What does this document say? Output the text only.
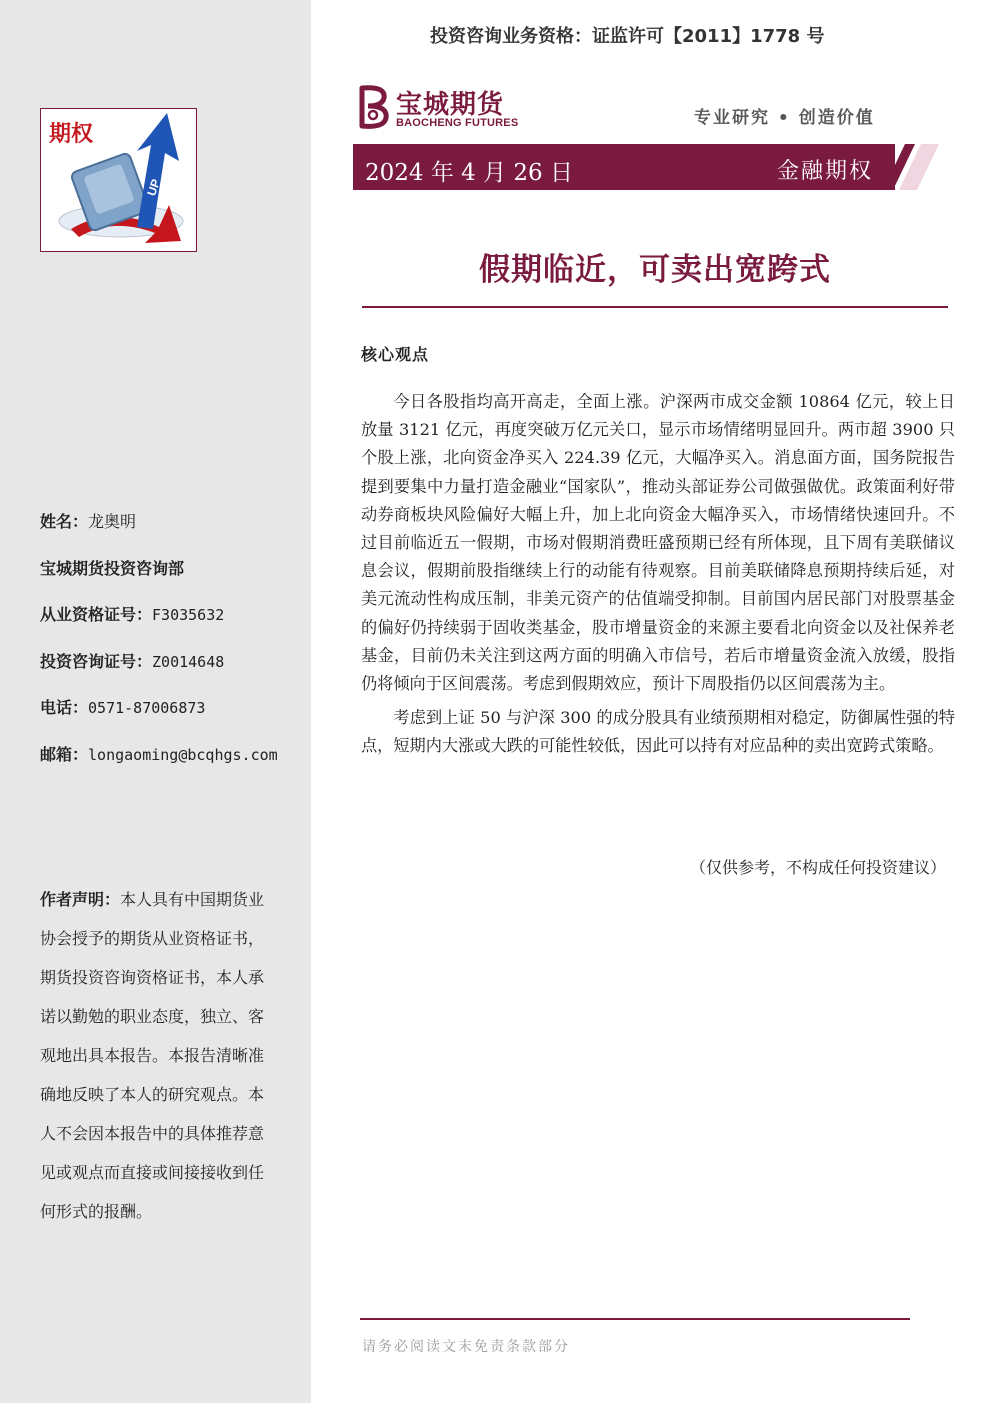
投资咨询业务资格：证监许可【2011】1778 号
UP
期权
宝城期货
BAOCHENG FUTURES	专业研究 • 创造价值
2024 年 4 月 26 日	金融期权
假期临近，可卖出宽跨式
核心观点

今日各股指均高开高走，全面上涨。沪深两市成交金额 10864 亿元，较上日放量 3121 亿元，再度突破万亿元关口，显示市场情绪明显回升。两市超 3900 只个股上涨，北向资金净买入 224.39 亿元，大幅净买入。消息面方面，国务院报告提到要集中力量打造金融业“国家队”，推动头部证券公司做强做优。政策面利好带动券商板块风险偏好大幅上升，加上北向资金大幅净买入，市场情绪快速回升。不过目前临近五一假期，市场对假期消费旺盛预期已经有所体现，且下周有美联储议息会议，假期前股指继续上行的动能有待观察。目前美联储降息预期持续后延，对美元流动性构成压制，非美元资产的估值端受抑制。目前国内居民部门对股票基金的偏好仍持续弱于固收类基金，股市增量资金的来源主要看北向资金以及社保养老基金，目前仍未关注到这两方面的明确入市信号，若后市增量资金流入放缓，股指仍将倾向于区间震荡。考虑到假期效应，预计下周股指仍以区间震荡为主。

考虑到上证 50 与沪深 300 的成分股具有业绩预期相对稳定，防御属性强的特点，短期内大涨或大跌的可能性较低，因此可以持有对应品种的卖出宽跨式策略。

（仅供参考，不构成任何投资建议）
姓名：龙奥明
宝城期货投资咨询部
从业资格证号：F3035632
投资咨询证号：Z0014648
电话：0571-87006873
邮箱：longaoming@bcqhgs.com
作者声明：本人具有中国期货业协会授予的期货从业资格证书，期货投资咨询资格证书，本人承诺以勤勉的职业态度，独立、客观地出具本报告。本报告清晰准确地反映了本人的研究观点。本人不会因本报告中的具体推荐意见或观点而直接或间接接收到任何形式的报酬。
请务必阅读文末免责条款部分
